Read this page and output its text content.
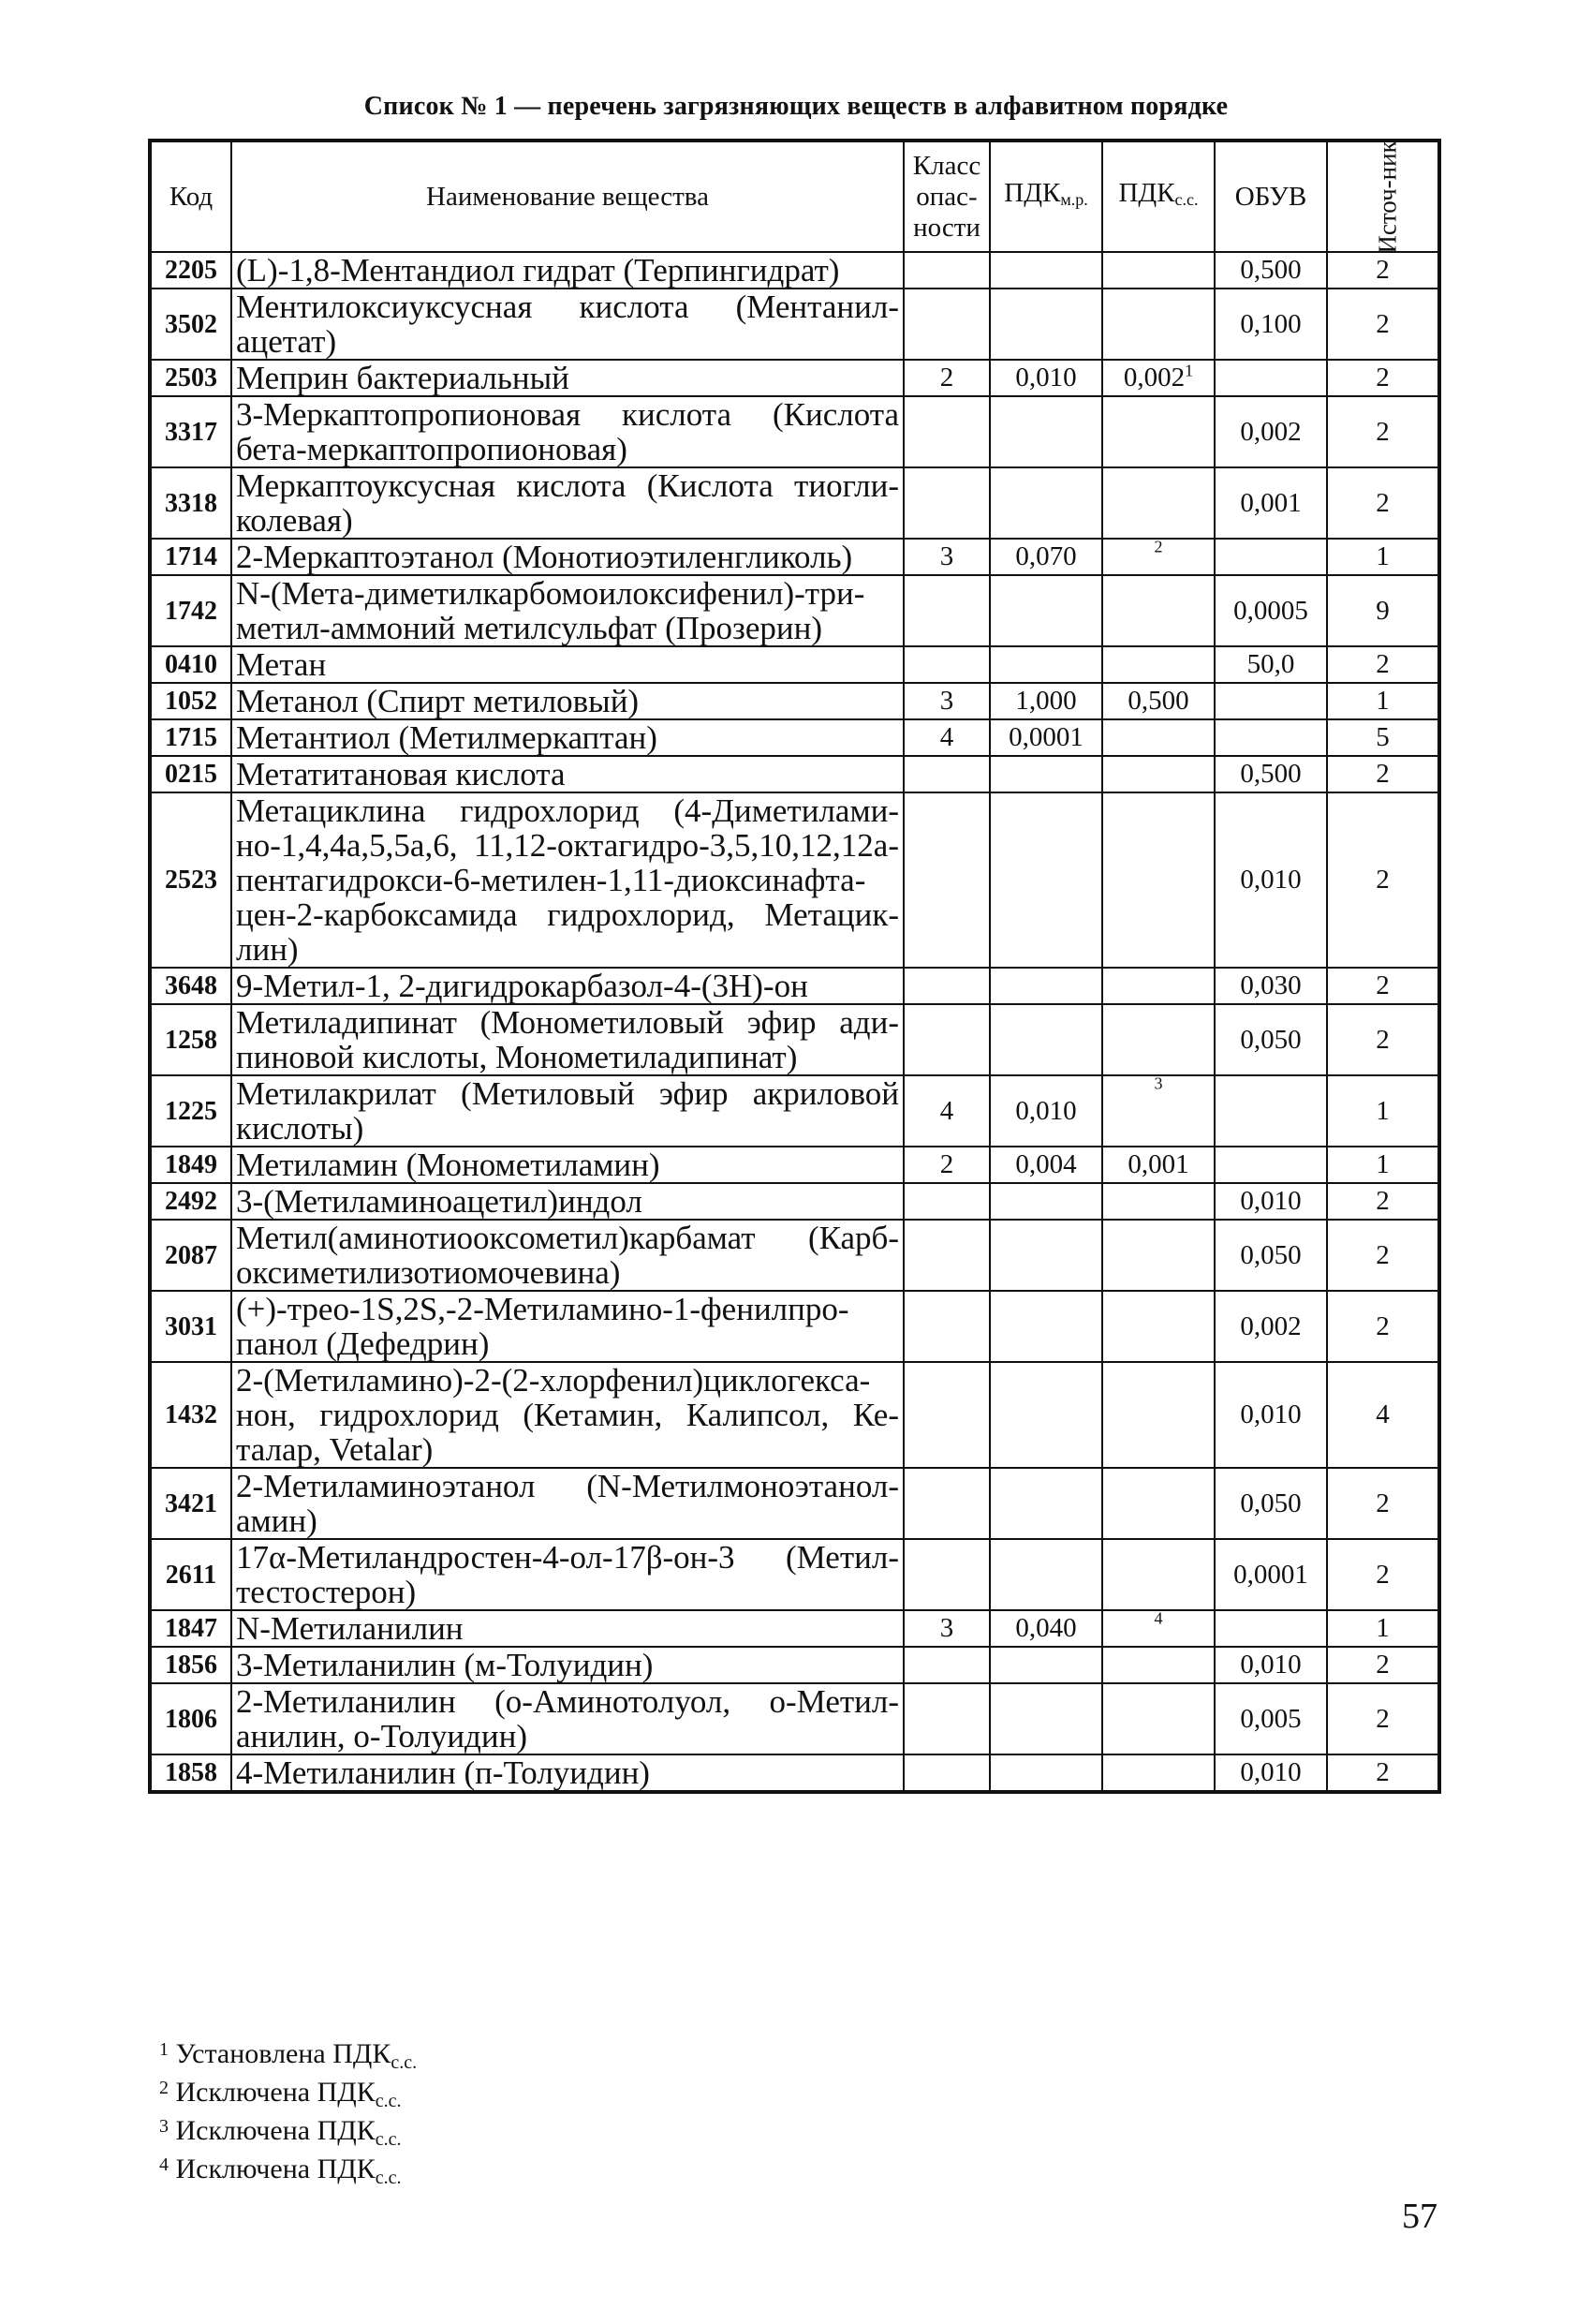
Список № 1 — перечень загрязняющих веществ в алфавитном порядке
Код	Наименование вещества	Класс опас-ности	$ПДК_{м.р.}$	$ПДК_{с.с.}$	ОБУВ	Источ-ник
2205	(L)-1,8-Ментандиол гидрат (Терпингидрат)				0,500	2
3502	Ментилоксиуксусная кислота (Ментанил-ацетат)				0,100	2
2503	Меприн бактериальный	2	0,010	0,002$^1$		2
3317	3-Меркаптопропионовая кислота (Кислота бета-меркаптопропионовая)				0,002	2
3318	Меркаптоуксусная кислота (Кислота тиогли-колевая)				0,001	2
1714	2-Меркаптоэтанол (Монотиоэтиленгликоль)	3	0,070	$^2$		1
1742	N-(Мета-диметилкарбомоилоксифенил)-три-метил-аммоний метилсульфат (Прозерин)				0,0005	9
0410	Метан				50,0	2
1052	Метанол (Спирт метиловый)	3	1,000	0,500		1
1715	Метантиол (Метилмеркаптан)	4	0,0001			5
0215	Метатитановая кислота				0,500	2
2523	Метациклина гидрохлорид (4-Диметилами-но-1,4,4а,5,5а,6, 11,12-октагидро-3,5,10,12,12а-пентагидрокси-6-метилен-1,11-диоксинафта-цен-2-карбоксамида гидрохлорид, Метацик-лин)				0,010	2
3648	9-Метил-1, 2-дигидрокарбазол-4-(3Н)-он				0,030	2
1258	Метиладипинат (Монометиловый эфир ади-пиновой кислоты, Монометиладипинат)				0,050	2
1225	Метилакрилат (Метиловый эфир акриловой кислоты)	4	0,010	$^3$		1
1849	Метиламин (Монометиламин)	2	0,004	0,001		1
2492	3-(Метиламиноацетил)индол				0,010	2
2087	Метил(аминотиооксометил)карбамат (Карб-оксиметилизотиомочевина)				0,050	2
3031	(+)-трео-1S,2S,-2-Метиламино-1-фенилпро-панол (Дефедрин)				0,002	2
1432	2-(Метиламино)-2-(2-хлорфенил)циклогекса-нон, гидрохлорид (Кетамин, Калипсол, Ке-талар, Vetalar)				0,010	4
3421	2-Метиламиноэтанол (N-Метилмоноэтанол-амин)				0,050	2
2611	17α-Метиландростен-4-ол-17β-он-3 (Метил-тестостерон)				0,0001	2
1847	N-Метиланилин	3	0,040	$^4$		1
1856	3-Метиланилин (м-Толуидин)				0,010	2
1806	2-Метиланилин (о-Аминотолуол, о-Метил-анилин, о-Толуидин)				0,005	2
1858	4-Метиланилин (п-Толуидин)				0,010	2
$^1$ Установлена $ПДК_{с.с.}$
$^2$ Исключена $ПДК_{с.с.}$
$^3$ Исключена $ПДК_{с.с.}$
$^4$ Исключена $ПДК_{с.с.}$
57
